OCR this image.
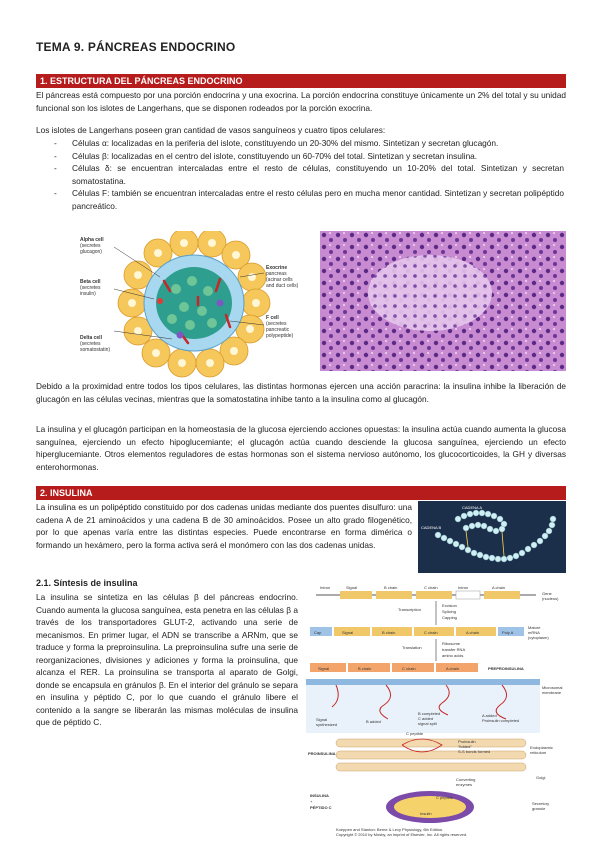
TEMA 9. PÁNCREAS ENDOCRINO
1. ESTRUCTURA DEL PÁNCREAS ENDOCRINO
El páncreas está compuesto por una porción endocrina y una exocrina. La porción endocrina constituye únicamente un 2% del total y su unidad funcional son los islotes de Langerhans, que se disponen rodeados por la porción exocrina.
Los islotes de Langerhans poseen gran cantidad de vasos sanguíneos y cuatro tipos celulares:
- Células α: localizadas en la periferia del islote, constituyendo un 20-30% del mismo. Sintetizan y secretan glucagón.
- Células β: localizadas en el centro del islote, constituyendo un 60-70% del total. Sintetizan y secretan insulina.
- Células δ: se encuentran intercaladas entre el resto de células, constituyendo un 10-20% del total. Sintetizan y secretan somatostatina.
- Células F: también se encuentran intercaladas entre el resto células pero en mucha menor cantidad. Sintetizan y secretan polipéptido pancreático.
Alpha cell
(secretes
glucagon)
Beta cell
(secretes
insulin)
Delta cell
(secretes
somatostatin)
Exocrine
pancreas
(acinar cells
and duct cells)
F cell
(secretes
pancreatic
polypeptide)
Debido a la proximidad entre todos los tipos celulares, las distintas hormonas ejercen una acción paracrina: la insulina inhibe la liberación de glucagón en las células vecinas, mientras que la somatostatina inhibe tanto a la insulina como al glucagón.
La insulina y el glucagón participan en la homeostasia de la glucosa ejerciendo acciones opuestas: la insulina actúa cuando aumenta la glucosa sanguínea, ejerciendo un efecto hipoglucemiante; el glucagón actúa cuando desciende la glucosa sanguínea, ejerciendo un efecto hiperglucemiante. Otros elementos reguladores de estas hormonas son el sistema nervioso autónomo, los glucocorticoides, la GH y diversas enterohormonas.
2. INSULINA
La insulina es un polipéptido constituido por dos cadenas unidas mediante dos puentes disulfuro: una cadena A de 21 aminoácidos y una cadena B de 30 aminoácidos. Posee un alto grado filogenético, por lo que apenas varía entre las distintas especies. Puede encontrarse en forma dimérica o formando un hexámero, pero la forma activa será el monómero con las dos cadenas unidas.
CADENA A
CADENA B
2.1. Síntesis de insulina
La insulina se sintetiza en las células β del páncreas endocrino. Cuando aumenta la glucosa sanguínea, esta penetra en las células β a través de los transportadores GLUT-2, activando una serie de mecanismos. En primer lugar, el ADN se transcribe a ARNm, que se traduce y forma la preproinsulina. La preproinsulina sufre una serie de reorganizaciones, divisiones y adiciones y forma la proinsulina, que alcanza el RER. La proinsulina se transporta al aparato de Golgi, donde se encapsula en gránulos β. En el interior del gránulo se separa en insulina y péptido C, por lo que cuando el gránulo libere el contenido a la sangre se liberarán las mismas moléculas de insulina que de péptido C.
Intron	Signal	B chain	C chain	Intron	A chain
Transcription
Excision
Splicing
Capping
Cap	Signal	B chain	C chain	A chain	Poly A
Translation
Ribosome
transfer RNA
amino acids
Signal	B chain	C chain	A chain
Signal
synthesized
B added
B completed
C added
signal split
A added
Proinsulin completed
PROINSULINA
C peptide
Proinsulin
"folded"
S-S bonds formed
Converting
enzymes
INSULINA
+
PÉPTIDO C
C peptide
Insulin
Gene
(nucleus)
Mature
mRNA
(cytoplasm)
PREPROINSULINA
Microsomal
membrane
Endoplasmic
reticulum
Golgi
Secretory
granule
Koeppen and Stanton: Berne & Levy Physiology, 6th Edition.
Copyright © 2010 by Mosby, an imprint of Elsevier, Inc. All rights reserved.
